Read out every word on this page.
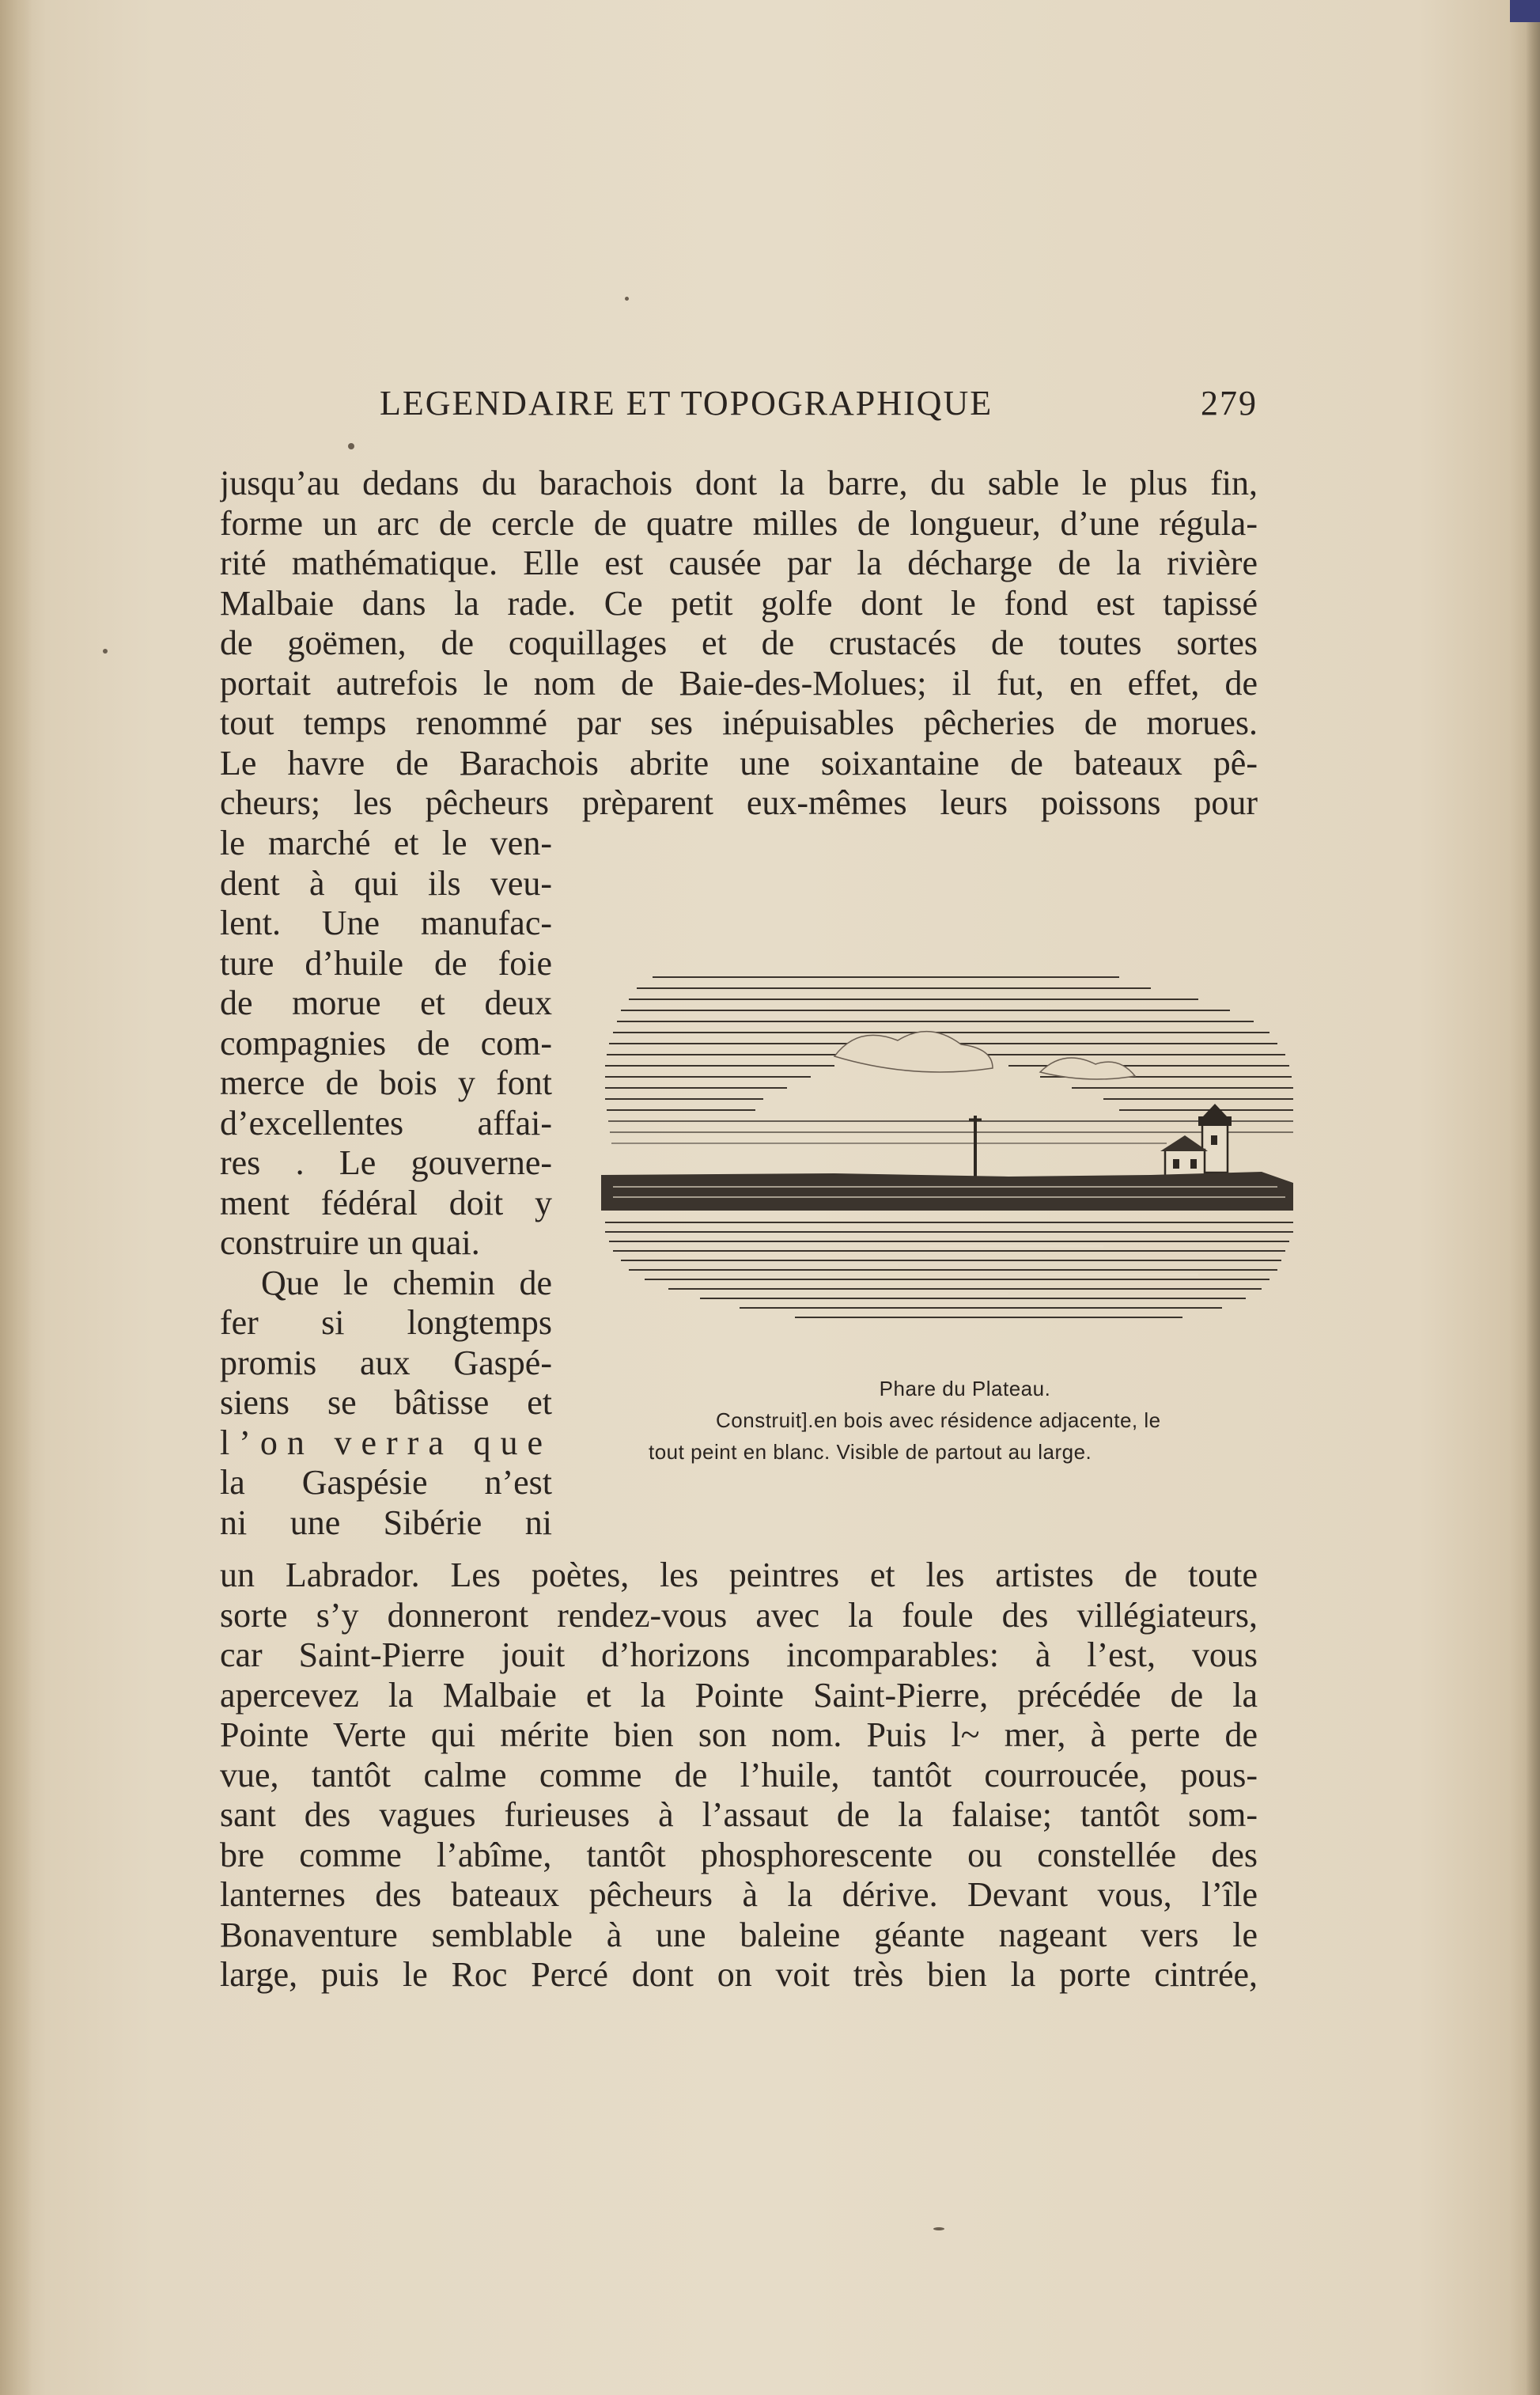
LEGENDAIRE ET TOPOGRAPHIQUE	279
jusqu’au dedans du barachois dont la barre, du sable le plus fin,
forme un arc de cercle de quatre milles de longueur, d’une régula-
rité mathématique. Elle est causée par la décharge de la rivière
Malbaie dans la rade. Ce petit golfe dont le fond est tapissé
de goëmen, de coquillages et de crustacés de toutes sortes
portait autrefois le nom de Baie-des-Molues; il fut, en effet, de
tout temps renommé par ses inépuisables pêcheries de morues.
Le havre de Barachois abrite une soixantaine de bateaux pê-
cheurs; les pêcheurs prèparent eux-mêmes leurs poissons pour
le marché et le ven-
dent à qui ils veu-
lent. Une manufac-
ture d’huile de foie
de morue et deux
compagnies de com-
merce de bois y font
d’excellentes affai-
res . Le gouverne-
ment fédéral doit y
construire un quai.
Que le chemin de
fer si longtemps
promis aux Gaspé-
siens se bâtisse et
l’on verra que
la Gaspésie n’est
ni une Sibérie ni
Phare du Plateau.
Construit].en bois avec résidence adjacente, le
tout peint en blanc. Visible de partout au large.
un Labrador. Les poètes, les peintres et les artistes de toute
sorte s’y donneront rendez-vous avec la foule des villégiateurs,
car Saint-Pierre jouit d’horizons incomparables: à l’est, vous
apercevez la Malbaie et la Pointe Saint-Pierre, précédée de la
Pointe Verte qui mérite bien son nom. Puis l~ mer, à perte de
vue, tantôt calme comme de l’huile, tantôt courroucée, pous-
sant des vagues furieuses à l’assaut de la falaise; tantôt som-
bre comme l’abîme, tantôt phosphorescente ou constellée des
lanternes des bateaux pêcheurs à la dérive. Devant vous, l’île
Bonaventure semblable à une baleine géante nageant vers le
large, puis le Roc Percé dont on voit très bien la porte cintrée,
